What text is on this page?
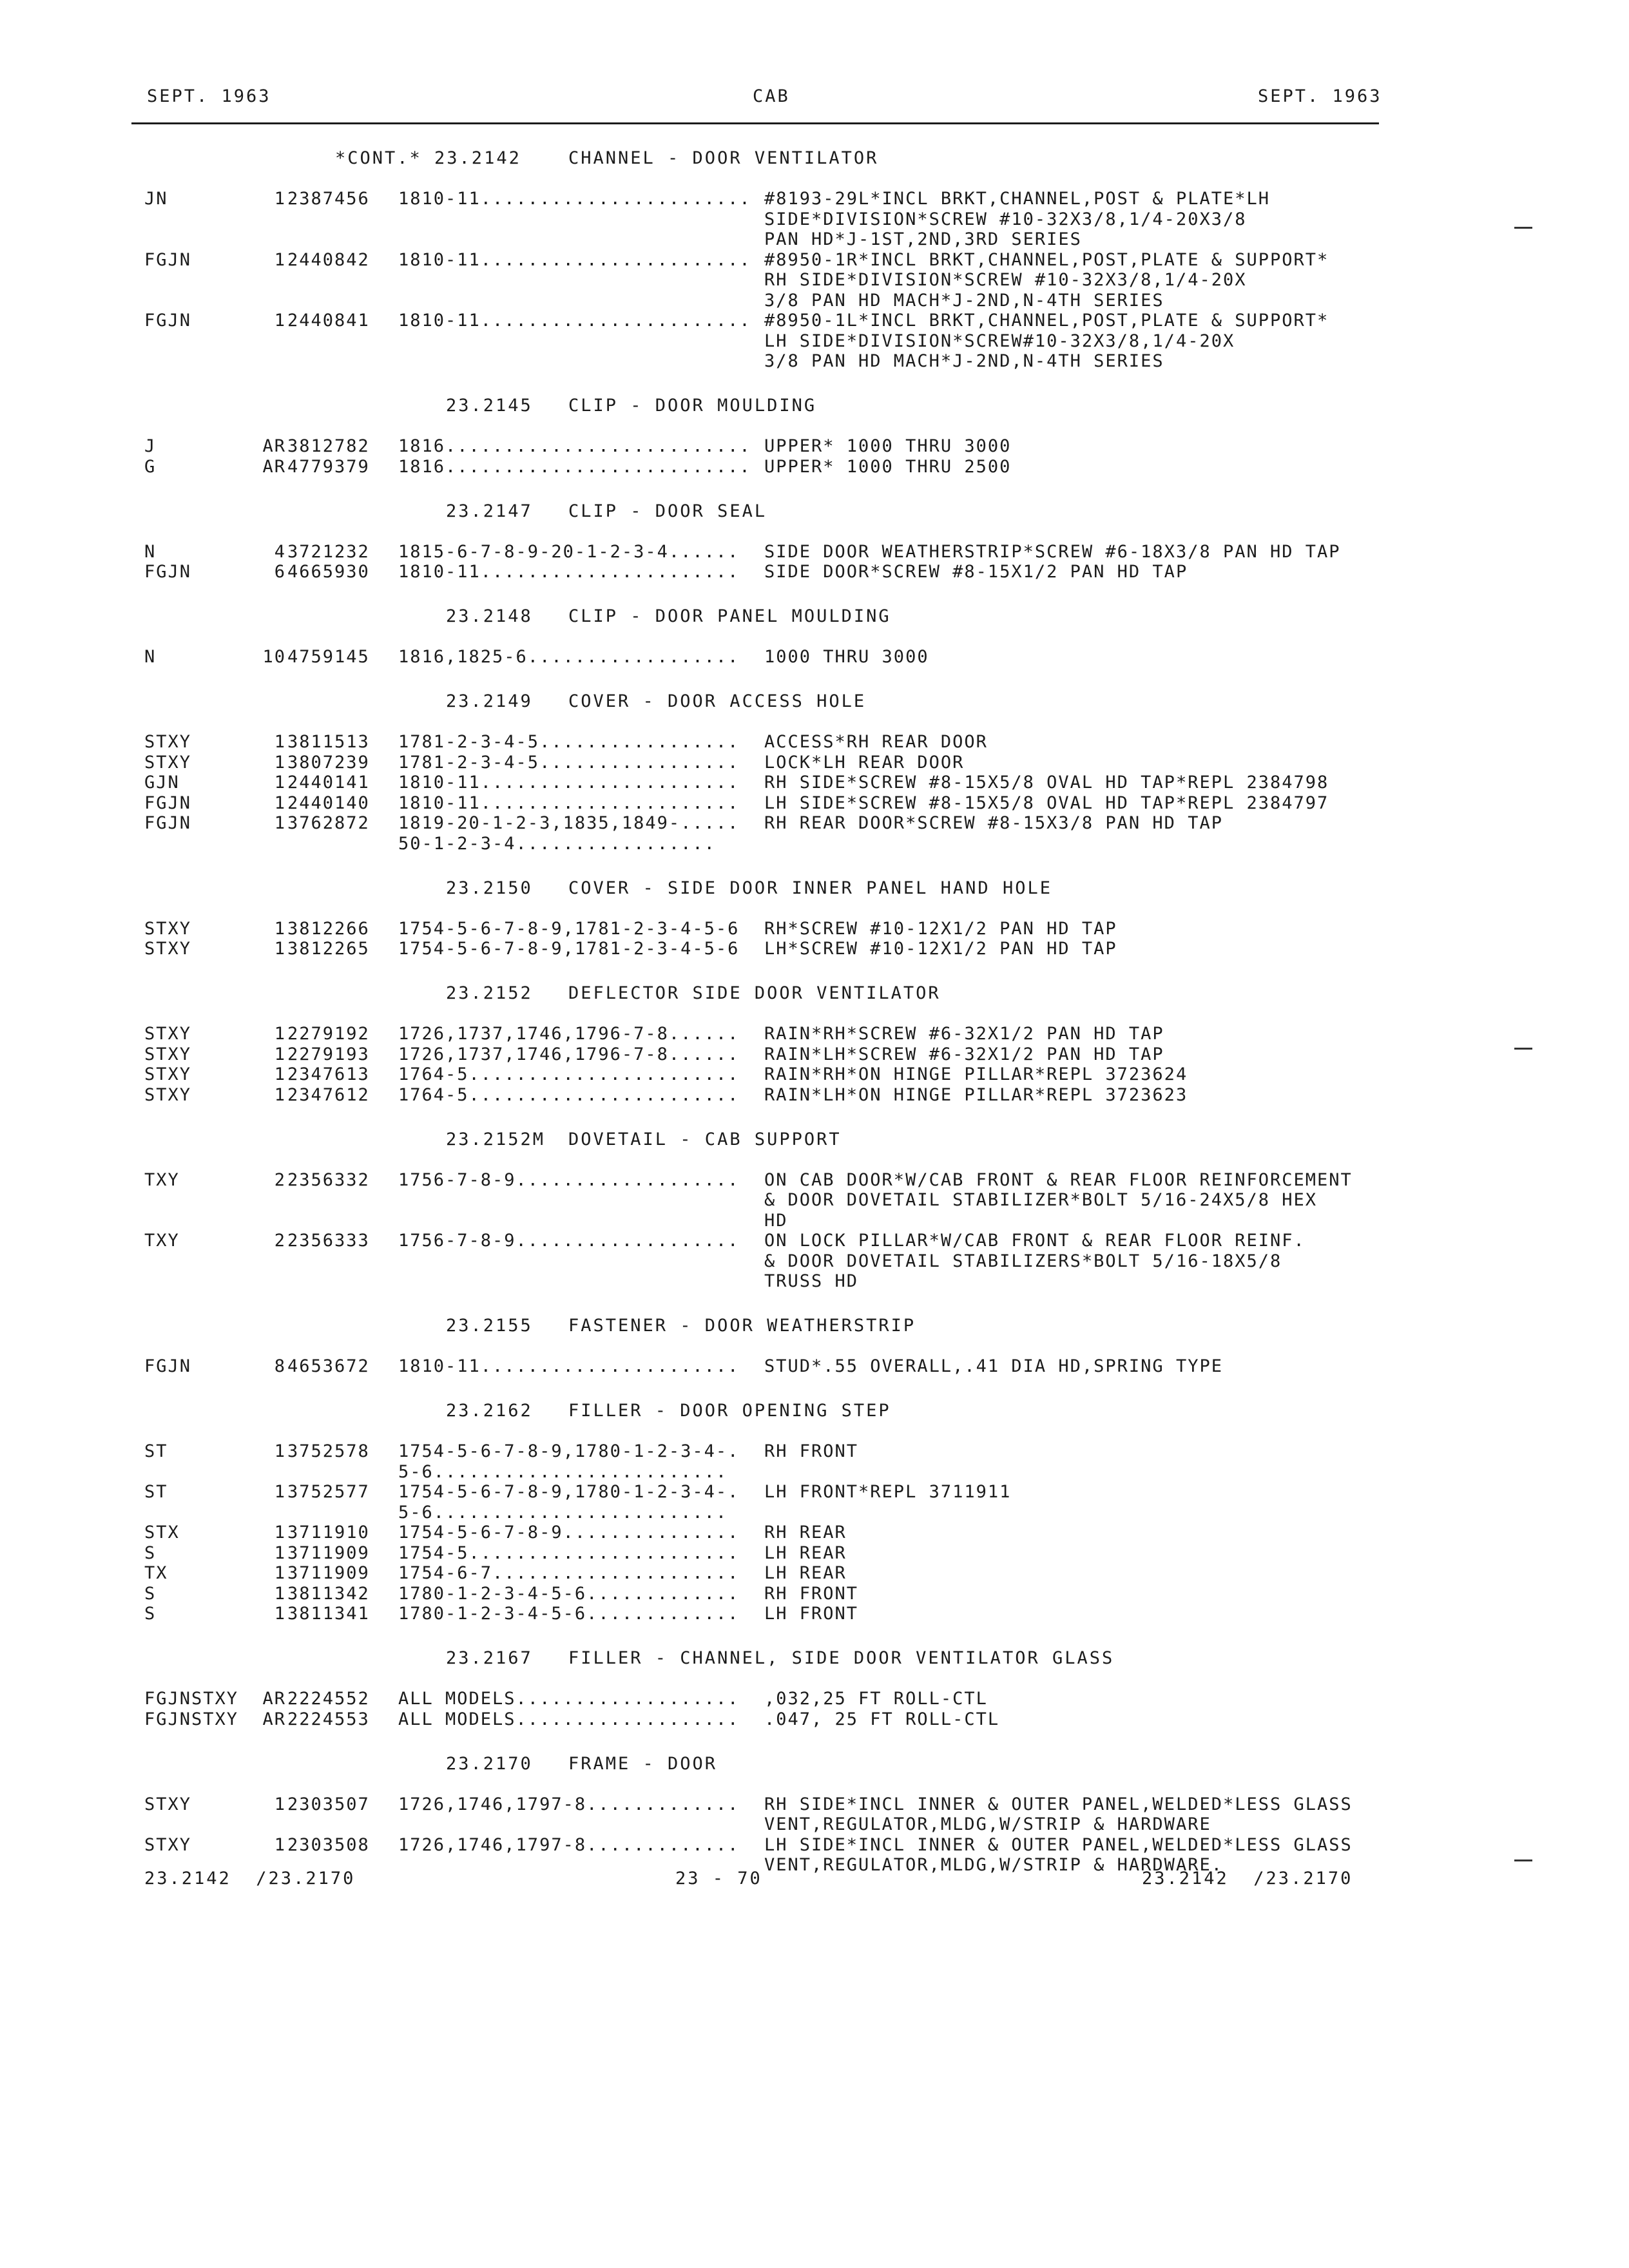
SEPT. 1963	CAB	SEPT. 1963
*CONT.* 23.2142	CHANNEL - DOOR VENTILATOR
JN	1 2387456 1810-11....................... #8193-29L*INCL BRKT,CHANNEL,POST & PLATE*LH
SIDE*DIVISION*SCREW #10-32X3/8,1/4-20X3/8
PAN HD*J-1ST,2ND,3RD SERIES
FGJN	1 2440842 1810-11....................... #8950-1R*INCL BRKT,CHANNEL,POST,PLATE & SUPPORT*
RH SIDE*DIVISION*SCREW #10-32X3/8,1/4-20X
3/8 PAN HD MACH*J-2ND,N-4TH SERIES
FGJN	1 2440841 1810-11....................... #8950-1L*INCL BRKT,CHANNEL,POST,PLATE & SUPPORT*
LH SIDE*DIVISION*SCREW#10-32X3/8,1/4-20X
3/8 PAN HD MACH*J-2ND,N-4TH SERIES
23.2145 CLIP - DOOR MOULDING
J	AR 3812782 1816.......................... UPPER* 1000 THRU 3000
G	AR 4779379 1816.......................... UPPER* 1000 THRU 2500
23.2147 CLIP - DOOR SEAL
N	4 3721232 1815-6-7-8-9-20-1-2-3-4...... SIDE DOOR WEATHERSTRIP*SCREW #6-18X3/8 PAN HD TAP
FGJN	6 4665930 1810-11...................... SIDE DOOR*SCREW #8-15X1/2 PAN HD TAP
23.2148 CLIP - DOOR PANEL MOULDING
N	10 4759145 1816,1825-6.................. 1000 THRU 3000
23.2149 COVER - DOOR ACCESS HOLE
STXY	1 3811513 1781-2-3-4-5................. ACCESS*RH REAR DOOR
STXY	1 3807239 1781-2-3-4-5................. LOCK*LH REAR DOOR
GJN	1 2440141 1810-11...................... RH SIDE*SCREW #8-15X5/8 OVAL HD TAP*REPL 2384798
FGJN	1 2440140 1810-11...................... LH SIDE*SCREW #8-15X5/8 OVAL HD TAP*REPL 2384797
FGJN	1 3762872 1819-20-1-2-3,1835,1849-..... RH REAR DOOR*SCREW #8-15X3/8 PAN HD TAP
50-1-2-3-4.................
23.2150 COVER - SIDE DOOR INNER PANEL HAND HOLE
STXY	1 3812266 1754-5-6-7-8-9,1781-2-3-4-5-6 RH*SCREW #10-12X1/2 PAN HD TAP
STXY	1 3812265 1754-5-6-7-8-9,1781-2-3-4-5-6 LH*SCREW #10-12X1/2 PAN HD TAP
23.2152 DEFLECTOR SIDE DOOR VENTILATOR
STXY	1 2279192 1726,1737,1746,1796-7-8...... RAIN*RH*SCREW #6-32X1/2 PAN HD TAP
STXY	1 2279193 1726,1737,1746,1796-7-8...... RAIN*LH*SCREW #6-32X1/2 PAN HD TAP
STXY	1 2347613 1764-5....................... RAIN*RH*ON HINGE PILLAR*REPL 3723624
STXY	1 2347612 1764-5....................... RAIN*LH*ON HINGE PILLAR*REPL 3723623
23.2152M DOVETAIL - CAB SUPPORT
TXY	2 2356332 1756-7-8-9................... ON CAB DOOR*W/CAB FRONT & REAR FLOOR REINFORCEMENT
& DOOR DOVETAIL STABILIZER*BOLT 5/16-24X5/8 HEX
HD
TXY	2 2356333 1756-7-8-9................... ON LOCK PILLAR*W/CAB FRONT & REAR FLOOR REINF.
& DOOR DOVETAIL STABILIZERS*BOLT 5/16-18X5/8
TRUSS HD
23.2155 FASTENER - DOOR WEATHERSTRIP
FGJN	8 4653672 1810-11...................... STUD*.55 OVERALL,.41 DIA HD,SPRING TYPE
23.2162 FILLER - DOOR OPENING STEP
ST	1 3752578 1754-5-6-7-8-9,1780-1-2-3-4-. RH FRONT
5-6.........................
ST	1 3752577 1754-5-6-7-8-9,1780-1-2-3-4-. LH FRONT*REPL 3711911
5-6.........................
STX	1 3711910 1754-5-6-7-8-9............... RH REAR
S	1 3711909 1754-5....................... LH REAR
TX	1 3711909 1754-6-7..................... LH REAR
S	1 3811342 1780-1-2-3-4-5-6............. RH FRONT
S	1 3811341 1780-1-2-3-4-5-6............. LH FRONT
23.2167 FILLER - CHANNEL, SIDE DOOR VENTILATOR GLASS
FGJNSTXY	AR 2224552 ALL MODELS................... ,032,25 FT ROLL-CTL
FGJNSTXY	AR 2224553 ALL MODELS................... .047, 25 FT ROLL-CTL
23.2170 FRAME - DOOR
STXY	1 2303507 1726,1746,1797-8............. RH SIDE*INCL INNER & OUTER PANEL,WELDED*LESS GLASS
VENT,REGULATOR,MLDG,W/STRIP & HARDWARE
STXY	1 2303508 1726,1746,1797-8............. LH SIDE*INCL INNER & OUTER PANEL,WELDED*LESS GLASS
VENT,REGULATOR,MLDG,W/STRIP & HARDWARE.
23.2142  /23.2170	23 - 70	23.2142  /23.2170
